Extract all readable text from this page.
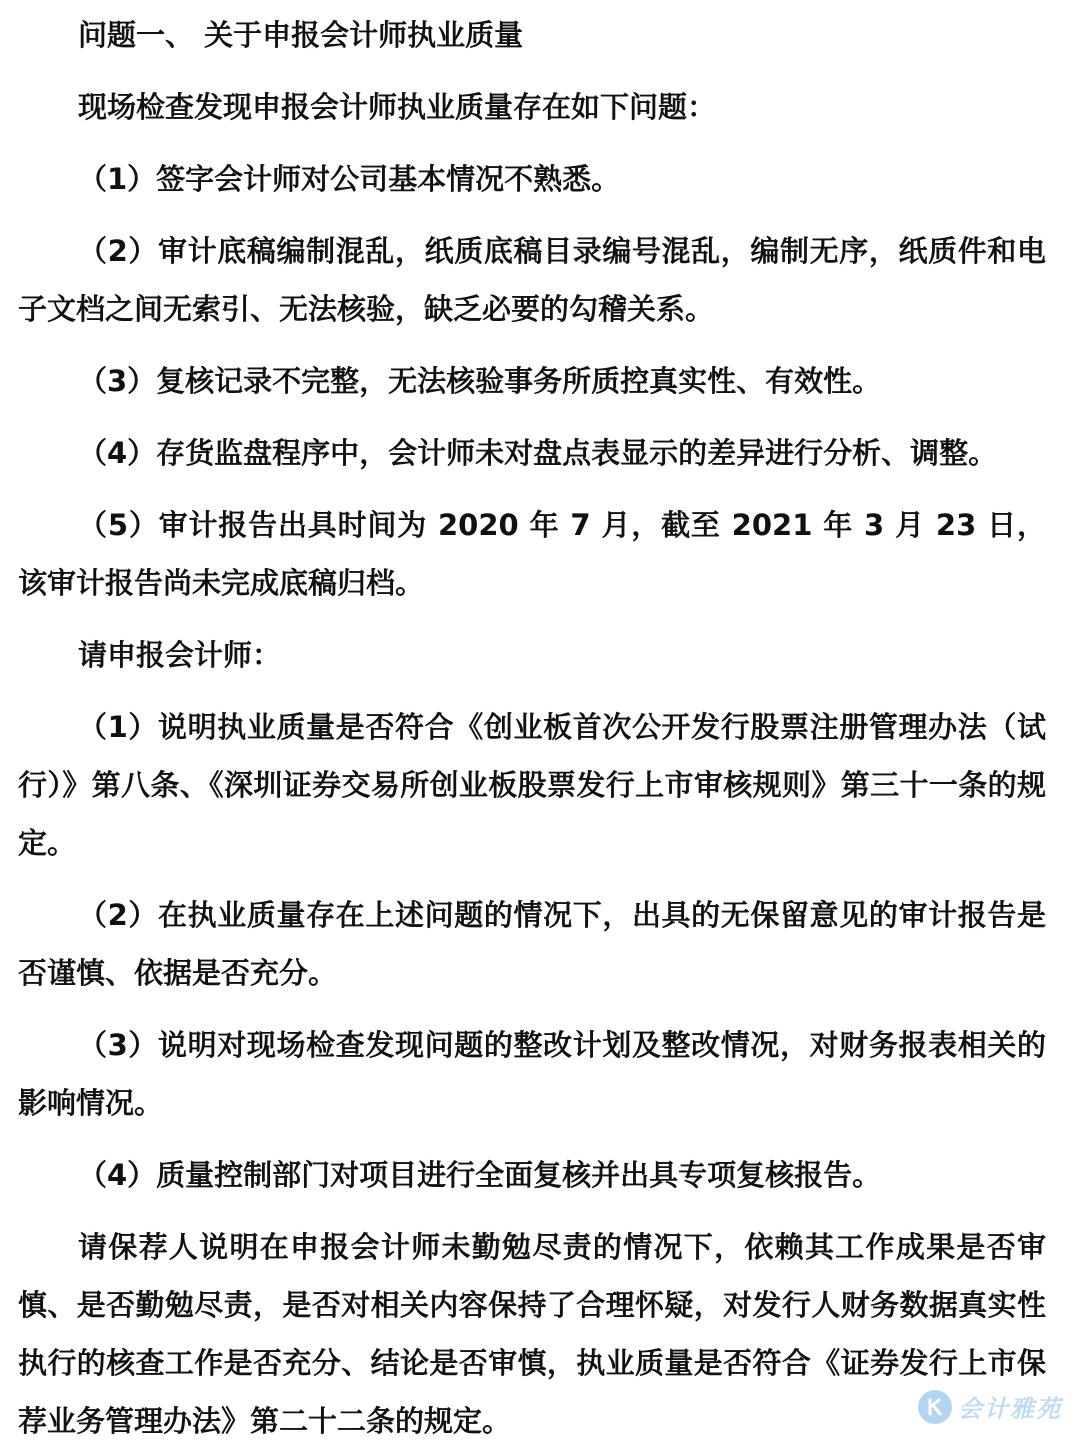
问题一、 关于申报会计师执业质量

现场检查发现申报会计师执业质量存在如下问题：

（1）签字会计师对公司基本情况不熟悉。

（2）审计底稿编制混乱，纸质底稿目录编号混乱，编制无序，纸质件和电子文档之间无索引、无法核验，缺乏必要的勾稽关系。

（3）复核记录不完整，无法核验事务所质控真实性、有效性。

（4）存货监盘程序中，会计师未对盘点表显示的差异进行分析、调整。

（5）审计报告出具时间为 2020 年 7 月，截至 2021 年 3 月 23 日，该审计报告尚未完成底稿归档。

请申报会计师：

（1）说明执业质量是否符合《创业板首次公开发行股票注册管理办法（试行）》第八条、《深圳证券交易所创业板股票发行上市审核规则》第三十一条的规定。

（2）在执业质量存在上述问题的情况下，出具的无保留意见的审计报告是否谨慎、依据是否充分。

（3）说明对现场检查发现问题的整改计划及整改情况，对财务报表相关的影响情况。

（4）质量控制部门对项目进行全面复核并出具专项复核报告。

请保荐人说明在申报会计师未勤勉尽责的情况下，依赖其工作成果是否审慎、是否勤勉尽责，是否对相关内容保持了合理怀疑，对发行人财务数据真实性执行的核查工作是否充分、结论是否审慎，执业质量是否符合《证券发行上市保荐业务管理办法》第二十二条的规定。	会计雅苑
